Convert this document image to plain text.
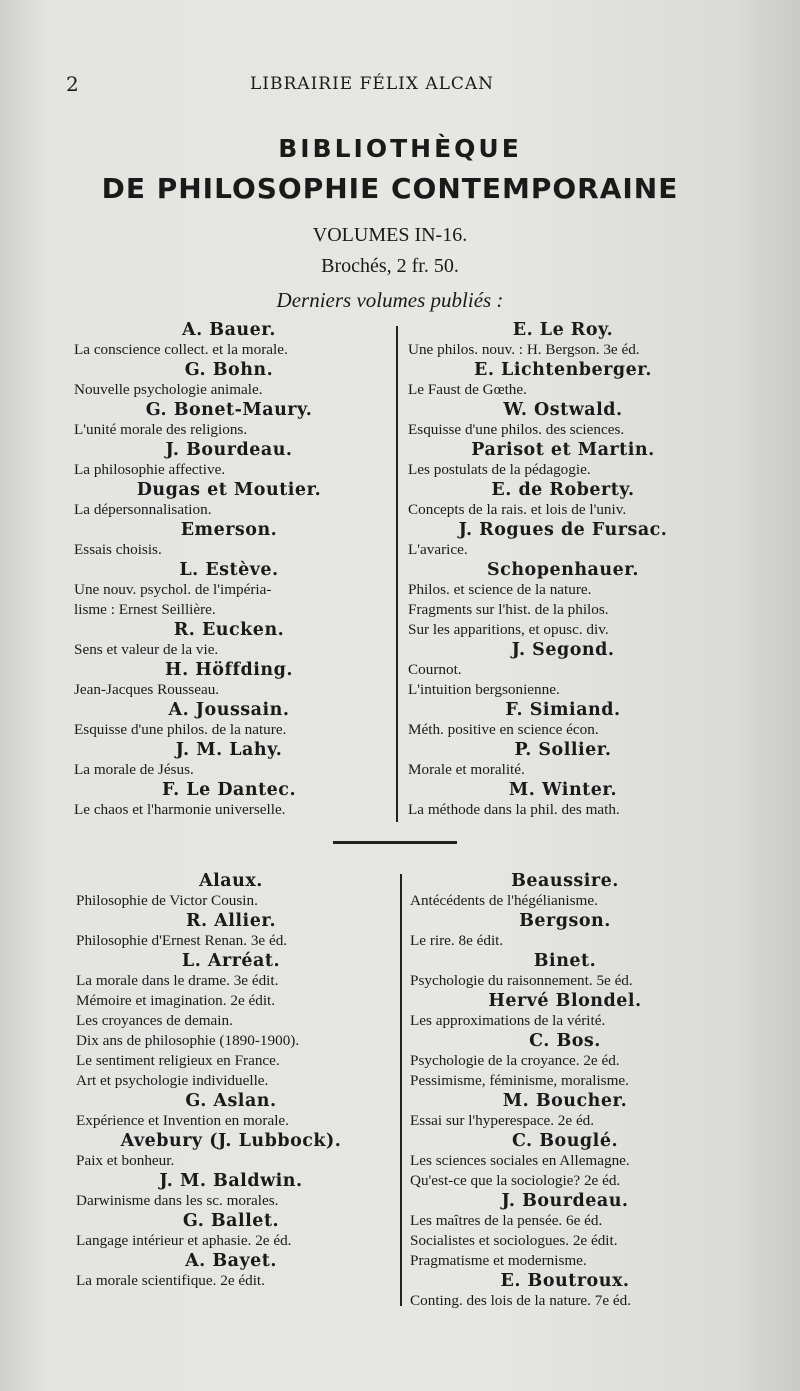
2	LIBRAIRIE FÉLIX ALCAN
BIBLIOTHÈQUE
DE PHILOSOPHIE CONTEMPORAINE
VOLUMES IN-16.
Brochés, 2 fr. 50.
Derniers volumes publiés :
A. Bauer.
La conscience collect. et la morale.
G. Bohn.
Nouvelle psychologie animale.
G. Bonet-Maury.
L'unité morale des religions.
J. Bourdeau.
La philosophie affective.
Dugas et Moutier.
La dépersonnalisation.
Emerson.
Essais choisis.
L. Estève.
Une nouv. psychol. de l'impéria-
lisme : Ernest Seillière.
R. Eucken.
Sens et valeur de la vie.
H. Höffding.
Jean-Jacques Rousseau.
A. Joussain.
Esquisse d'une philos. de la nature.
J. M. Lahy.
La morale de Jésus.
F. Le Dantec.
Le chaos et l'harmonie universelle.
E. Le Roy.
Une philos. nouv. : H. Bergson. 3e éd.
E. Lichtenberger.
Le Faust de Gœthe.
W. Ostwald.
Esquisse d'une philos. des sciences.
Parisot et Martin.
Les postulats de la pédagogie.
E. de Roberty.
Concepts de la rais. et lois de l'univ.
J. Rogues de Fursac.
L'avarice.
Schopenhauer.
Philos. et science de la nature.
Fragments sur l'hist. de la philos.
Sur les apparitions, et opusc. div.
J. Segond.
Cournot.
L'intuition bergsonienne.
F. Simiand.
Méth. positive en science écon.
P. Sollier.
Morale et moralité.
M. Winter.
La méthode dans la phil. des math.
Alaux.
Philosophie de Victor Cousin.
R. Allier.
Philosophie d'Ernest Renan. 3e éd.
L. Arréat.
La morale dans le drame. 3e édit.
Mémoire et imagination. 2e édit.
Les croyances de demain.
Dix ans de philosophie (1890-1900).
Le sentiment religieux en France.
Art et psychologie individuelle.
G. Aslan.
Expérience et Invention en morale.
Avebury (J. Lubbock).
Paix et bonheur.
J. M. Baldwin.
Darwinisme dans les sc. morales.
G. Ballet.
Langage intérieur et aphasie. 2e éd.
A. Bayet.
La morale scientifique. 2e édit.
Beaussire.
Antécédents de l'hégélianisme.
Bergson.
Le rire. 8e édit.
Binet.
Psychologie du raisonnement. 5e éd.
Hervé Blondel.
Les approximations de la vérité.
C. Bos.
Psychologie de la croyance. 2e éd.
Pessimisme, féminisme, moralisme.
M. Boucher.
Essai sur l'hyperespace. 2e éd.
C. Bouglé.
Les sciences sociales en Allemagne.
Qu'est-ce que la sociologie? 2e éd.
J. Bourdeau.
Les maîtres de la pensée. 6e éd.
Socialistes et sociologues. 2e édit.
Pragmatisme et modernisme.
E. Boutroux.
Conting. des lois de la nature. 7e éd.
